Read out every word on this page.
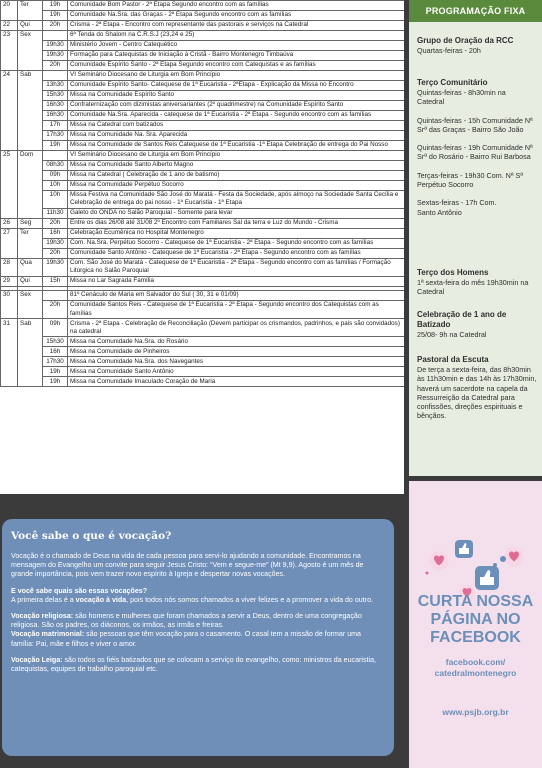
20	Ter	19h	Comunidade Bom Pastor - 2ª Etapa Segundo encontro com as famílias
		19h	Comunidade Na.Sra. das Graças - 2ª Etapa Segundo encontro com as famílias
22	Qui	20h	Crisma - 2ª Etapa - Encontro com representante das pastorais e serviços na Catedral
23	Sex		6ª Tenda do Shalom na C.R.S.J (23,24 e 25)
		19h30	Ministério Jovem - Centro Catequético
		19h30	Formação para Catequistas de Iniciação à Cristã - Bairro Montenegro Timbaúva
		20h	Comunidade Espírito Santo - 2ª Etapa Segundo encontro com Catequistas e as famílias
24	Sab		VI Seminário Diocesano de Liturgia em Bom Princípio
		13h30	Comunidade Espírito Santo- Catequese de 1ª Eucaristia - 2ªEtapa - Explicação da Missa no Encontro
		15h30	Missa na Comunidade Espírito Santo
		16h30	Confraternização com dizimistas aniversariantes (2º quadrimestre) na Comunidade Espírito Santo
		16h30	Comunidade Na.Sra. Aparecida - catequese de 1ª Eucaristia - 2ª Etapa - Segundo encontro com as famílias
		17h	Missa na Catedral com batizados
		17h30	Missa na Comunidade Na. Sra. Aparecida
		19h	Missa na Comunidade de Santos Reis Catequese de 1ª Eucaristia -1ª Etapa Celebração de entrega do Pai Nosso
25	Dom		VI Seminário Diocesano de Liturgia em Bom Princípio
		08h30	Missa na Comunidade Santo Alberto Magno
		09h	Missa na Catedral ( Celebração de 1 ano de batismo)
		10h	Missa na Comunidade Perpétuo Socorro
		10h	Missa Festiva na Comunidade São José do Maratá - Festa da Sociedade, após almoço na Sociedade Santa Cecília e Celebração de entrega do pai nosso - 1ª Eucaristia - 1ª Etapa
		11h30	Galeto do ONDA no Salão Paroquial - Somente para levar
26	Seg	20h	Entre os dias 26/08 até 31/08 2º Encontro com Familiares Sal da terra e Luz do Mundo - Crisma
27	Ter	16h	Celebração Ecumênica no Hospital Montenegro
		19h30	Com. Na.Sra. Perpétuo Socorro - Catequese de 1ª Eucaristia - 2ª Etapa - Segundo encontro com as famílias
		20h	Comunidade Santo Antônio - Catequese de 1ª Eucaristia - 2ª Etapa - Segundo encontro com as famílias
28	Qua	19h30	Com. São José do Maratá - Catequese de 1ª Eucaristia - 2ª Etapa - Segundo encontro com as famílias / Formação Litúrgica no Salão Paroquial
29	Qui	15h	Missa no Lar Sagrada Família

30	Sex		81º Cenáculo de Maria em Salvador do Sul ( 30, 31 e 01/09)
		20h	Comunidade Santos Reis - Catequese de 1ª Eucaristia - 2ª Etapa - Segundo encontro dos Catequistas com as famílias
31	Sab	09h	Crisma - 2ª Etapa - Celebração de Reconciliação (Devem participar os crismandos, padrinhos, e pais são convidados) na catedral
		15h30	Missa na Comunidade Na.Sra. do Rosário
		16h	Missa na Comunidade de Pinheiros
		17h30	Missa na Comunidade Na.Sra. dos Navegantes
		19h	Missa na Comunidade Santo Antônio
		19h	Missa na Comunidade Imaculado Coração de Maria
PROGRAMAÇÃO FIXA
Grupo de Oração da RCC
Quartas-feiras - 20h
Terço Comunitário
Quintas-feiras - 8h30min na Catedral
Quintas-feiras - 15h Comunidade Nª Srª das Graças - Bairro São João
Quintas-feiras - 19h Comunidade Nª Srª do Rosário - Bairro Rui Barbosa
Terças-feiras - 19h30 Com. Nª Sª Perpétuo Socorro
Sextas-feiras - 17h Com. Santo Antônio
Terço dos Homens
1ª sexta-feira do mês 19h30min na Catedral
Celebração de 1 ano de Batizado
25/08- 9h na Catedral
Pastoral da Escuta
De terça a sexta-feira, das 8h30min às 11h30min e das 14h às 17h30min, haverá um sacerdote na capela da Ressurreição da Catedral para confissões, direções espirituais e bênçãos.
Você sabe o que é vocação?

Vocação é o chamado de Deus na vida de cada pessoa para servi-lo ajudando a comunidade. Encontramos na mensagem do Evangelho um convite para seguir Jesus Cristo: “Vem e segue-me” (Mt 9,9). Agosto é um mês de grande importância, pois vem trazer novo espírito à Igreja e despertar novas vocações.

E você sabe quais são essas vocações?
A primeira delas é a vocação à vida, pois todos nós somos chamados a viver felizes e a promover a vida do outro.

Vocação religiosa: são homens e mulheres que foram chamados a servir a Deus, dentro de uma congregação religiosa. São os padres, os diáconos, os irmãos, as irmãs e freiras.

Vocação matrimonial: são pessoas que têm vocação para o casamento. O casal tem a missão de formar uma família: Pai, mãe e filhos e viver o amor.

Vocação Leiga: são todos os fiéis batizados que se colocam a serviço do evangelho, como: ministros da eucaristia, catequistas, equipes de trabalho paroquial etc.

CURTA NOSSA
PÁGINA NO
FACEBOOK
facebook.com/
catedralmontenegro
www.psjb.org.br
